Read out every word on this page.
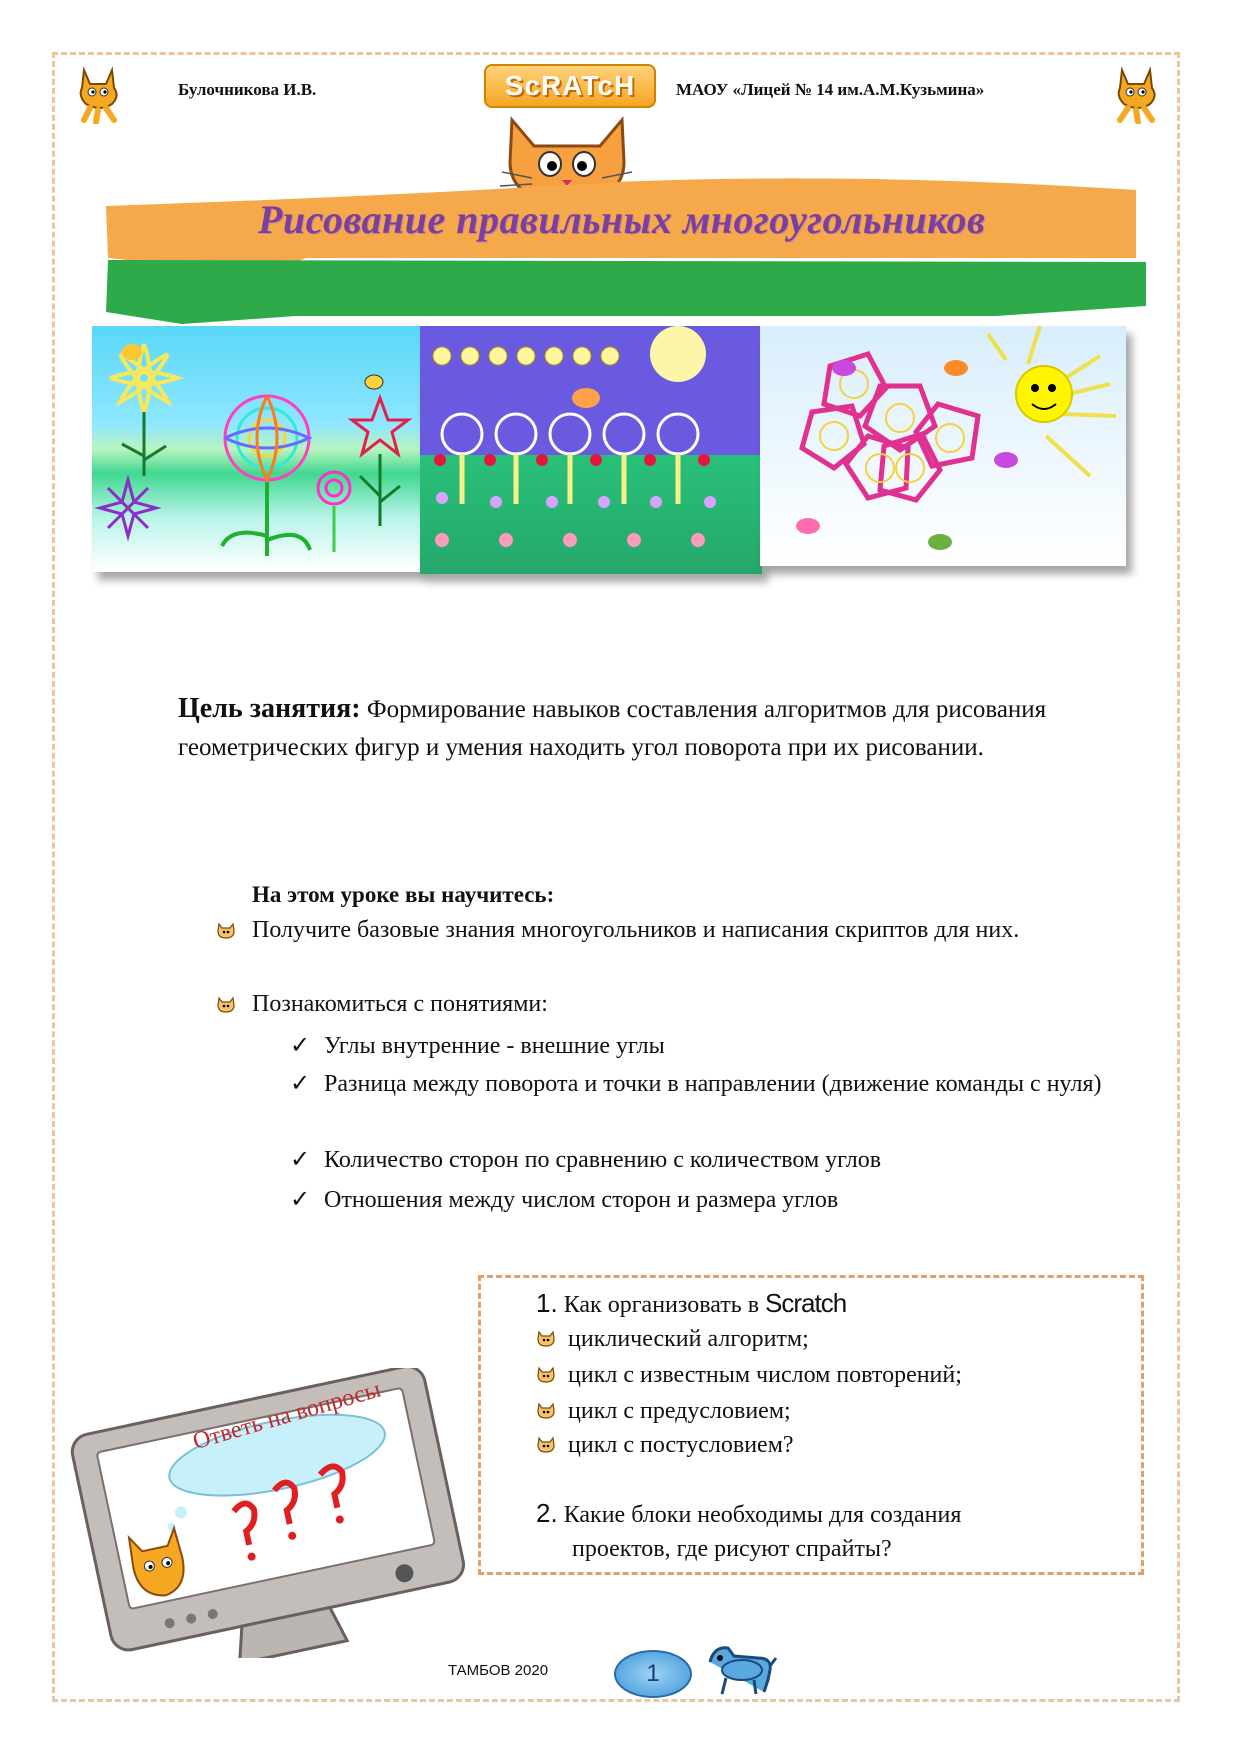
Булочникова И.В.	ScRATcH	МАОУ «Лицей № 14 им.А.М.Кузьмина»
Рисование правильных многоугольников
Цель занятия: Формирование навыков составления алгоритмов для рисования геометрических фигур и умения находить угол поворота при их рисовании.
На этом уроке вы научитесь:
Получите базовые знания многоугольников и написания скриптов для них.
Познакомиться с понятиями:
✓ Углы внутренние - внешние углы
✓ Разница между поворота и точки в направлении (движение команды с нуля)
✓ Количество сторон по сравнению с количеством углов
✓ Отношения между числом сторон и размера углов
1. Как организовать в Scratch
циклический алгоритм;
цикл с известным числом повторений;
цикл с предусловием;
цикл с постусловием?
2. Какие блоки необходимы для создания
проектов, где рисуют спрайты?
Ответь на вопросы
ТАМБОВ 2020	1
